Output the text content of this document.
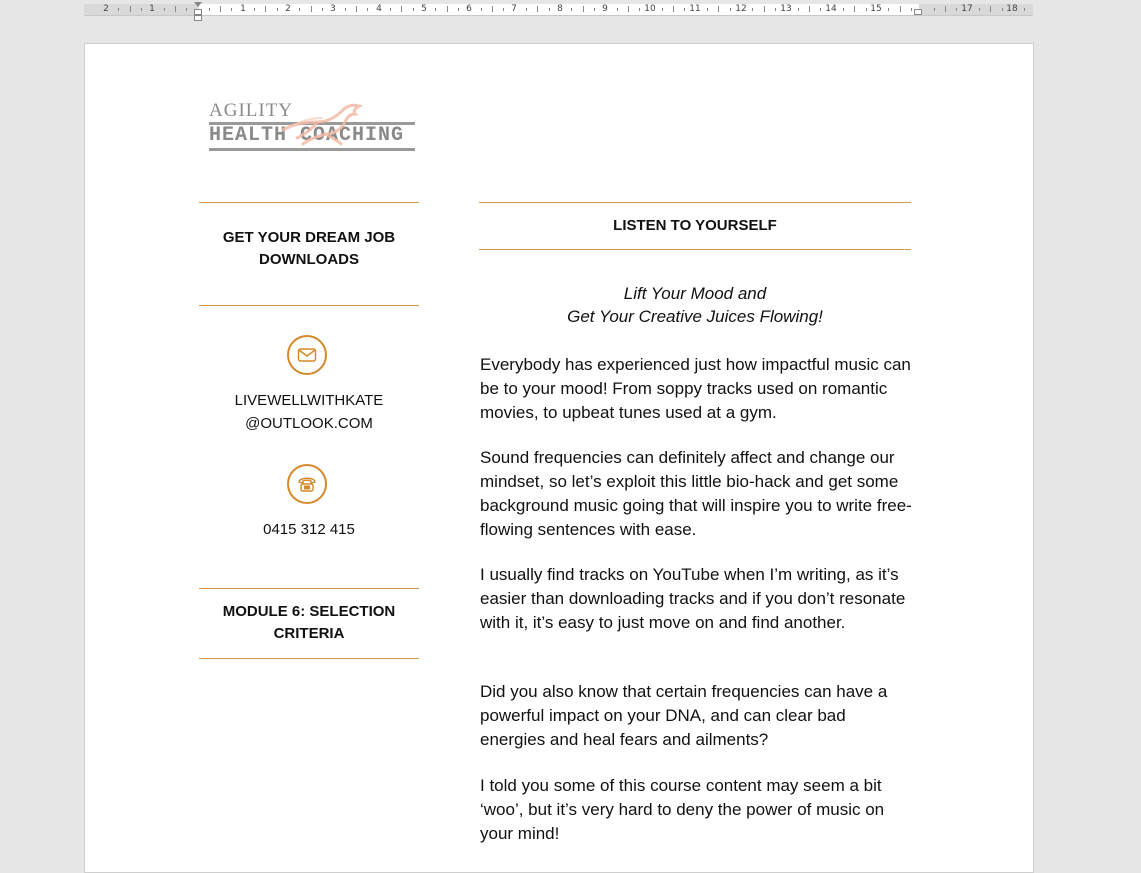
2	1	1	2	3	4	5	6	7	8	9	10	11	12	13	14	15	17	18
AGILITY
HEALTH COACHING
GET YOUR DREAM JOB
DOWNLOADS
LIVEWELLWITHKATE
@OUTLOOK.COM
0415 312 415
MODULE 6: SELECTION
CRITERIA
LISTEN TO YOURSELF
Lift Your Mood and
Get Your Creative Juices Flowing!

Everybody has experienced just how impactful music can be to your mood! From soppy tracks used on romantic movies, to upbeat tunes used at a gym.

Sound frequencies can definitely affect and change our mindset, so let’s exploit this little bio-hack and get some background music going that will inspire you to write free-flowing sentences with ease.

I usually find tracks on YouTube when I’m writing, as it’s easier than downloading tracks and if you don’t resonate with it, it’s easy to just move on and find another.

Did you also know that certain frequencies can have a powerful impact on your DNA, and can clear bad energies and heal fears and ailments?

I told you some of this course content may seem a bit ‘woo’, but it’s very hard to deny the power of music on your mind!
